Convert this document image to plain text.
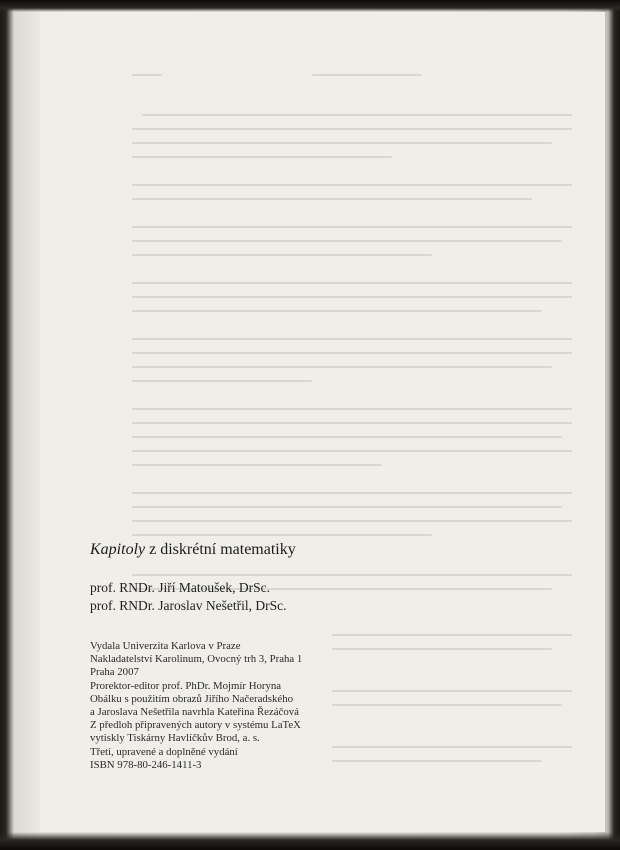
Kapitoly z diskrétní matematiky
prof. RNDr. Jiří Matoušek, DrSc.
prof. RNDr. Jaroslav Nešetřil, DrSc.
Vydala Univerzita Karlova v Praze
Nakladatelství Karolinum, Ovocný trh 3, Praha 1
Praha 2007
Prorektor-editor prof. PhDr. Mojmír Horyna
Obálku s použitím obrazů Jiřího Načeradského
a Jaroslava Nešetřila navrhla Kateřina Řezáčová
Z předloh připravených autory v systému LaTeX
vytiskly Tiskárny Havlíčkův Brod, a. s.
Třetí, upravené a doplněné vydání
ISBN 978-80-246-1411-3
